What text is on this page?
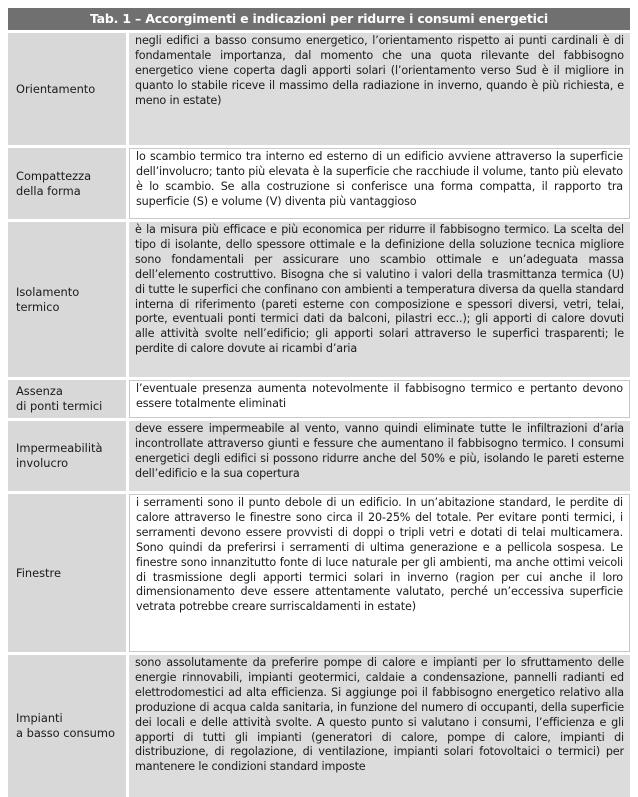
Tab. 1 – Accorgimenti e indicazioni per ridurre i consumi energetici
Orientamento
negli edifici a basso consumo energetico, l’orientamento rispetto ai punti cardinali è di fondamentale importanza, dal momento che una quota rilevante del fabbisogno energetico viene coperta dagli apporti solari (l’orientamento verso Sud è il migliore in quanto lo stabile riceve il massimo della radiazione in inverno, quando è più richiesta, e meno in estate)
Compattezza
della forma
lo scambio termico tra interno ed esterno di un edificio avviene attraverso la superficie dell’involucro; tanto più elevata è la superficie che racchiude il volume, tanto più elevato è lo scambio. Se alla costruzione si conferisce una forma compatta, il rapporto tra superficie (S) e volume (V) diventa più vantaggioso
Isolamento
termico
è la misura più efficace e più economica per ridurre il fabbisogno termico. La scelta del tipo di isolante, dello spessore ottimale e la definizione della soluzione tecnica migliore sono fondamentali per assicurare uno scambio ottimale e un’adeguata massa dell’elemento costruttivo. Bisogna che si valutino i valori della trasmittanza termica (U) di tutte le superfici che confinano con ambienti a temperatura diversa da quella standard interna di riferimento (pareti esterne con composizione e spessori diversi, vetri, telai, porte, eventuali ponti termici dati da balconi, pilastri ecc..); gli apporti di calore dovuti alle attività svolte nell’edificio; gli apporti solari attraverso le superfici trasparenti; le perdite di calore dovute ai ricambi d’aria
Assenza
di ponti termici
l’eventuale presenza aumenta notevolmente il fabbisogno termico e pertanto devono essere totalmente eliminati
Impermeabilità
involucro
deve essere impermeabile al vento, vanno quindi eliminate tutte le infiltrazioni d’aria incontrollate attraverso giunti e fessure che aumentano il fabbisogno termico. I consumi energetici degli edifici si possono ridurre anche del 50% e più, isolando le pareti esterne dell’edificio e la sua copertura
Finestre
i serramenti sono il punto debole di un edificio. In un’abitazione standard, le perdite di calore attraverso le finestre sono circa il 20-25% del totale. Per evitare ponti termici, i serramenti devono essere provvisti di doppi o tripli vetri e dotati di telai multicamera. Sono quindi da preferirsi i serramenti di ultima generazione e a pellicola sospesa. Le finestre sono innanzitutto fonte di luce naturale per gli ambienti, ma anche ottimi veicoli di trasmissione degli apporti termici solari in inverno (ragion per cui anche il loro dimensionamento deve essere attentamente valutato, perché un’eccessiva superficie vetrata potrebbe creare surriscaldamenti in estate)
Impianti
a basso consumo
sono assolutamente da preferire pompe di calore e impianti per lo sfruttamento delle energie rinnovabili, impianti geotermici, caldaie a condensazione, pannelli radianti ed elettrodomestici ad alta efficienza. Si aggiunge poi il fabbisogno energetico relativo alla produzione di acqua calda sanitaria, in funzione del numero di occupanti, della superficie dei locali e delle attività svolte. A questo punto si valutano i consumi, l’efficienza e gli apporti di tutti gli impianti (generatori di calore, pompe di calore, impianti di distribuzione, di regolazione, di ventilazione, impianti solari fotovoltaici o termici) per mantenere le condizioni standard imposte
